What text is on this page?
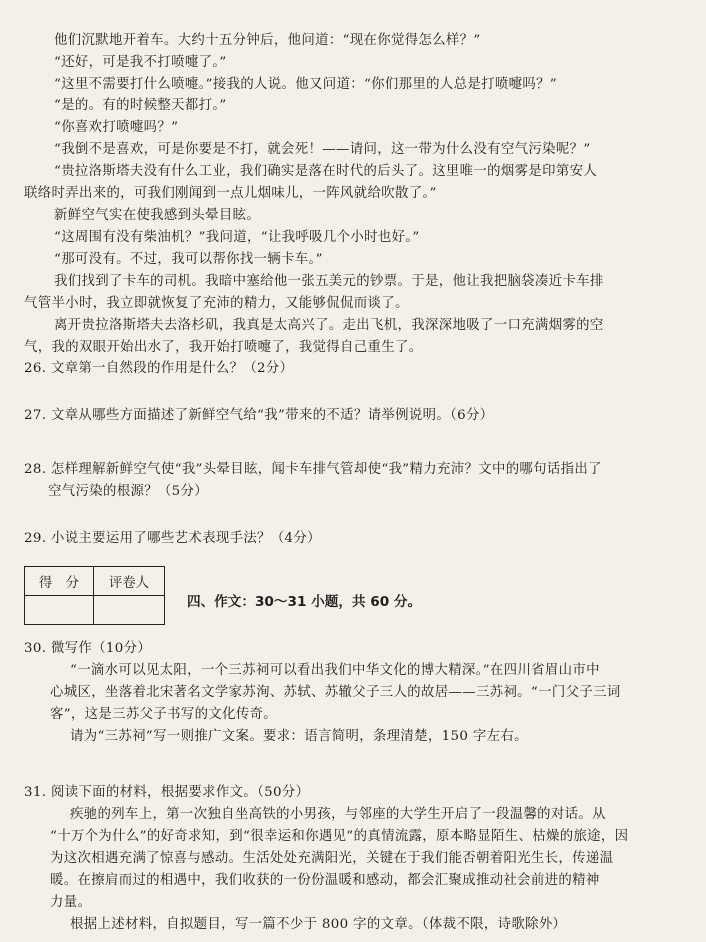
他们沉默地开着车。大约十五分钟后，他问道：“现在你觉得怎么样？”
“还好，可是我不打喷嚏了。”
“这里不需要打什么喷嚏。”接我的人说。他又问道：“你们那里的人总是打喷嚏吗？”
“是的。有的时候整天都打。”
“你喜欢打喷嚏吗？”
“我倒不是喜欢，可是你要是不打，就会死！——请问，这一带为什么没有空气污染呢？”
“贵拉洛斯塔夫没有什么工业，我们确实是落在时代的后头了。这里唯一的烟雾是印第安人
联络时弄出来的，可我们刚闻到一点儿烟味儿，一阵风就给吹散了。”
新鲜空气实在使我感到头晕目眩。
“这周围有没有柴油机？”我问道，“让我呼吸几个小时也好。”
“那可没有。不过，我可以帮你找一辆卡车。”
我们找到了卡车的司机。我暗中塞给他一张五美元的钞票。于是，他让我把脑袋凑近卡车排
气管半小时，我立即就恢复了充沛的精力，又能够侃侃而谈了。
离开贵拉洛斯塔夫去洛杉矶，我真是太高兴了。走出飞机，我深深地吸了一口充满烟雾的空
气，我的双眼开始出水了，我开始打喷嚏了，我觉得自己重生了。
26. 文章第一自然段的作用是什么？（2分）
27. 文章从哪些方面描述了新鲜空气给“我”带来的不适？请举例说明。（6分）
28. 怎样理解新鲜空气使“我”头晕目眩，闻卡车排气管却使“我”精力充沛？文中的哪句话指出了
空气污染的根源？（5分）
29. 小说主要运用了哪些艺术表现手法？（4分）
得　分	评卷人

四、作文：30～31 小题，共 60 分。
30. 微写作（10分）
“一滴水可以见太阳，一个三苏祠可以看出我们中华文化的博大精深。”在四川省眉山市中
心城区，坐落着北宋著名文学家苏洵、苏轼、苏辙父子三人的故居——三苏祠。“一门父子三词
客”，这是三苏父子书写的文化传奇。
请为“三苏祠”写一则推广文案。要求：语言简明，条理清楚，150 字左右。
31. 阅读下面的材料，根据要求作文。（50分）
疾驰的列车上，第一次独自坐高铁的小男孩，与邻座的大学生开启了一段温馨的对话。从
“十万个为什么”的好奇求知，到“很幸运和你遇见”的真情流露，原本略显陌生、枯燥的旅途，因
为这次相遇充满了惊喜与感动。生活处处充满阳光，关键在于我们能否朝着阳光生长，传递温
暖。在擦肩而过的相遇中，我们收获的一份份温暖和感动，都会汇聚成推动社会前进的精神
力量。
根据上述材料，自拟题目，写一篇不少于 800 字的文章。（体裁不限，诗歌除外）
